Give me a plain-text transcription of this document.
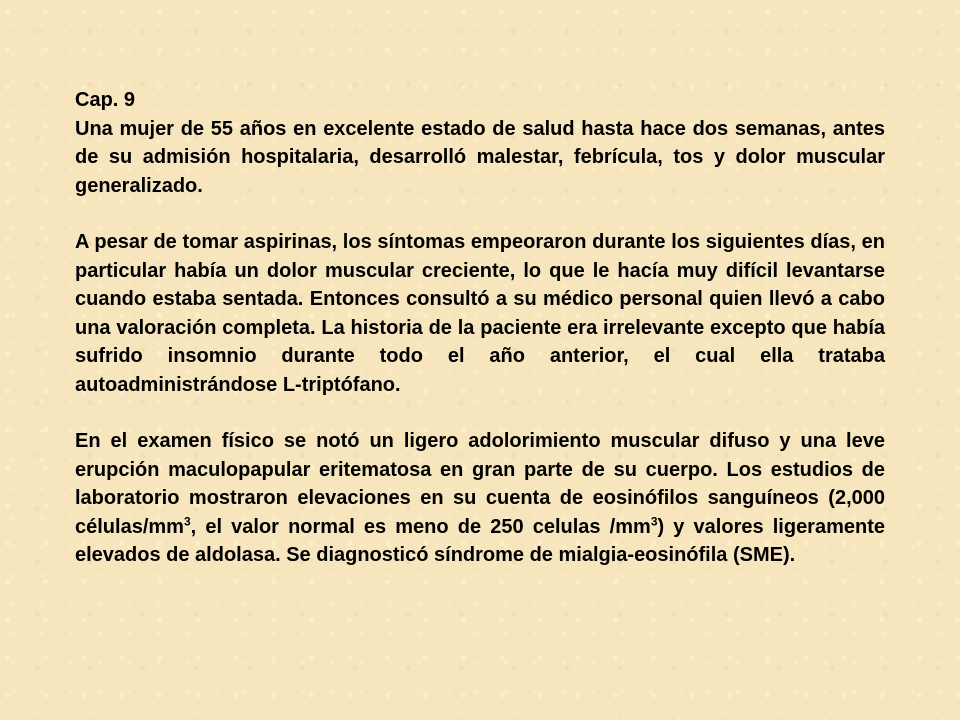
Cap. 9

Una mujer de 55 años en excelente estado de salud hasta hace dos semanas, antes de su admisión hospitalaria, desarrolló malestar, febrícula, tos y dolor muscular generalizado.

A pesar de tomar aspirinas, los síntomas empeoraron durante los siguientes días, en particular había un dolor muscular creciente, lo que le hacía muy difícil levantarse cuando estaba sentada. Entonces consultó a su médico personal quien llevó a cabo una valoración completa. La historia de la paciente era irrelevante excepto que había sufrido insomnio durante todo el año anterior, el cual ella trataba autoadministrándose L-triptófano.

En el examen físico se notó un ligero adolorimiento muscular difuso y una leve erupción maculopapular eritematosa en gran parte de su cuerpo. Los estudios de laboratorio mostraron elevaciones en su cuenta de eosinófilos sanguíneos (2,000 células/$mm^3$, el valor normal es meno de 250 celulas $/mm^3$) y valores ligeramente elevados de aldolasa. Se diagnosticó síndrome de mialgia-eosinófila (SME).
